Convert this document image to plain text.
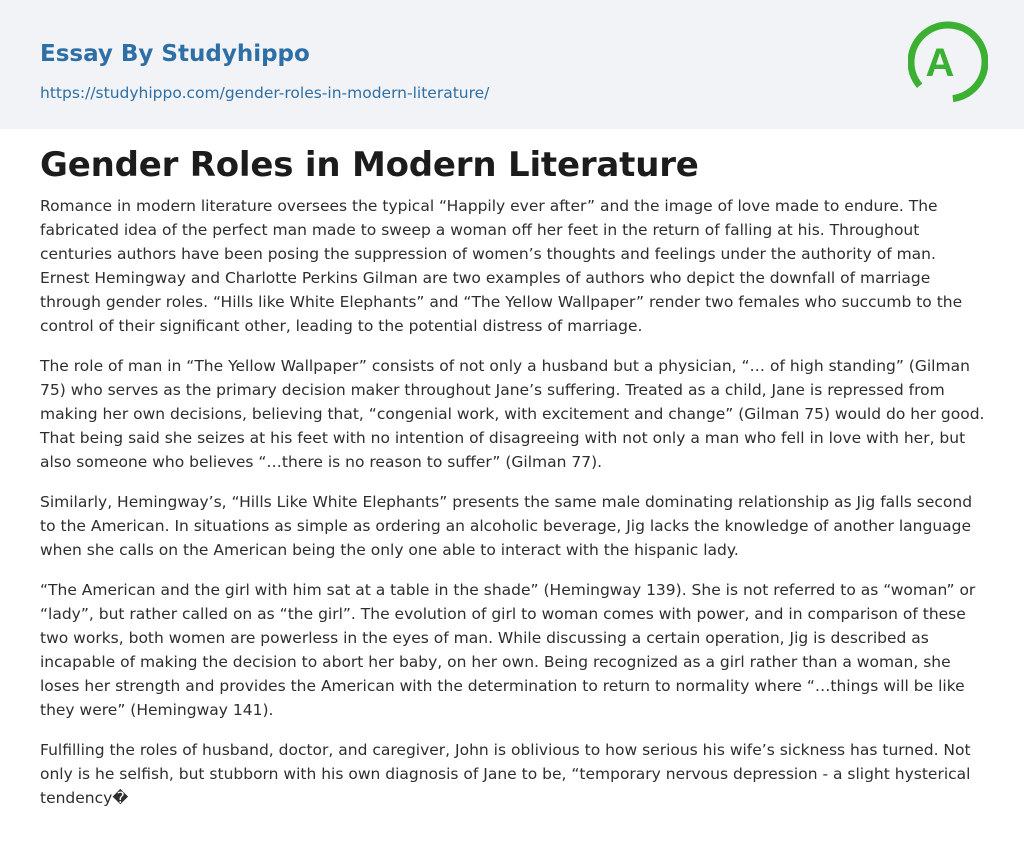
Essay By Studyhippo
https://studyhippo.com/gender-roles-in-modern-literature/
A
Gender Roles in Modern Literature

Romance in modern literature oversees the typical “Happily ever after” and the image of love made to endure. The fabricated idea of the perfect man made to sweep a woman off her feet in the return of falling at his. Throughout centuries authors have been posing the suppression of women’s thoughts and feelings under the authority of man. Ernest Hemingway and Charlotte Perkins Gilman are two examples of authors who depict the downfall of marriage through gender roles. “Hills like White Elephants” and “The Yellow Wallpaper” render two females who succumb to the control of their significant other, leading to the potential distress of marriage.

The role of man in “The Yellow Wallpaper” consists of not only a husband but a physician, “… of high standing” (Gilman 75) who serves as the primary decision maker throughout Jane’s suffering. Treated as a child, Jane is repressed from making her own decisions, believing that, “congenial work, with excitement and change” (Gilman 75) would do her good. That being said she seizes at his feet with no intention of disagreeing with not only a man who fell in love with her, but also someone who believes “…there is no reason to suffer” (Gilman 77).

Similarly, Hemingway’s, “Hills Like White Elephants” presents the same male dominating relationship as Jig falls second to the American. In situations as simple as ordering an alcoholic beverage, Jig lacks the knowledge of another language when she calls on the American being the only one able to interact with the hispanic lady.

“The American and the girl with him sat at a table in the shade” (Hemingway 139). She is not referred to as “woman” or “lady”, but rather called on as “the girl”. The evolution of girl to woman comes with power, and in comparison of these two works, both women are powerless in the eyes of man. While discussing a certain operation, Jig is described as incapable of making the decision to abort her baby, on her own. Being recognized as a girl rather than a woman, she loses her strength and provides the American with the determination to return to normality where “…things will be like they were” (Hemingway 141).

Fulfilling the roles of husband, doctor, and caregiver, John is oblivious to how serious his wife’s sickness has turned. Not only is he selfish, but stubborn with his own diagnosis of Jane to be, “temporary nervous depression - a slight hysterical tendency�
